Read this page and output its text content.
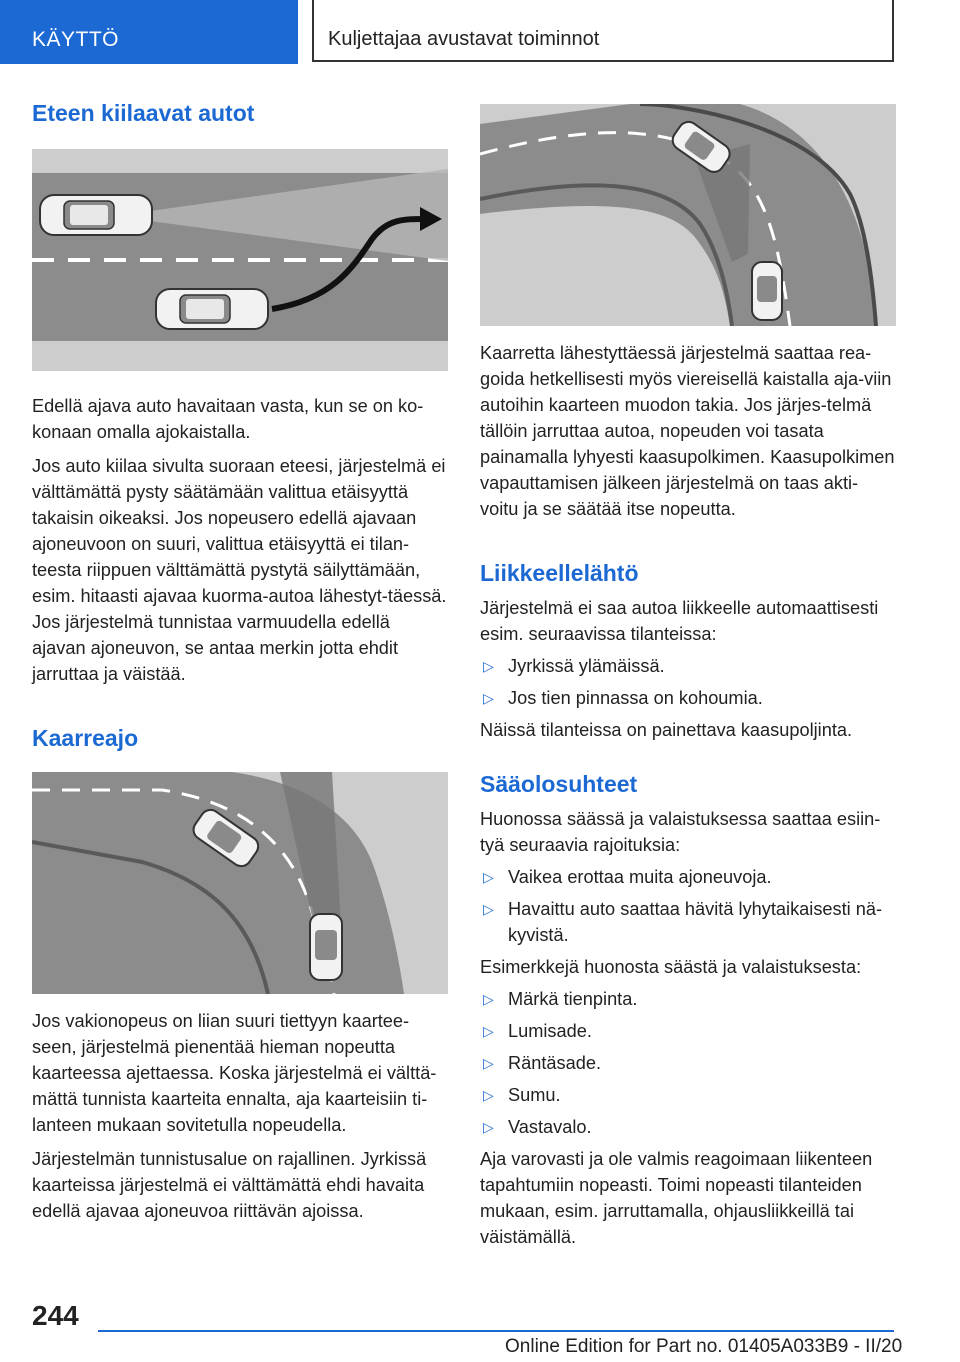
KÄYTTÖ	Kuljettajaa avustavat toiminnot
Eteen kiilaavat autot

Edellä ajava auto havaitaan vasta, kun se on ko‐konaan omalla ajokaistalla.

Jos auto kiilaa sivulta suoraan eteesi, järjestelmä ei välttämättä pysty säätämään valittua etäisyyttä takaisin oikeaksi. Jos nopeusero edellä ajavaan ajoneuvoon on suuri, valittua etäisyyttä ei tilan‐teesta riippuen välttämättä pystytä säilyttämään, esim. hitaasti ajavaa kuorma-autoa lähestyt‐täessä. Jos järjestelmä tunnistaa varmuudella edellä ajavan ajoneuvon, se antaa merkin jotta ehdit jarruttaa ja väistää.

Kaarreajo

Jos vakionopeus on liian suuri tiettyyn kaartee‐seen, järjestelmä pienentää hieman nopeutta kaarteessa ajettaessa. Koska järjestelmä ei välttä‐mättä tunnista kaarteita ennalta, aja kaarteisiin ti‐lanteen mukaan sovitetulla nopeudella.

Järjestelmän tunnistusalue on rajallinen. Jyrkissä kaarteissa järjestelmä ei välttämättä ehdi havaita edellä ajavaa ajoneuvoa riittävän ajoissa.

Kaarretta lähestyttäessä järjestelmä saattaa rea‐goida hetkellisesti myös viereisellä kaistalla aja‐viin autoihin kaarteen muodon takia. Jos järjes‐telmä tällöin jarruttaa autoa, nopeuden voi tasata painamalla lyhyesti kaasupolkimen. Kaasupolkimen vapauttamisen jälkeen järjestelmä on taas akti‐voitu ja se säätää itse nopeutta.

Liikkeellelähtö

Järjestelmä ei saa autoa liikkeelle automaattisesti esim. seuraavissa tilanteissa:

▷ Jyrkissä ylämäissä.
▷ Jos tien pinnassa on kohoumia.

Näissä tilanteissa on painettava kaasupoljinta.

Sääolosuhteet

Huonossa säässä ja valaistuksessa saattaa esiin‐tyä seuraavia rajoituksia:

▷ Vaikea erottaa muita ajoneuvoja.
▷ Havaittu auto saattaa hävitä lyhytaikaisesti nä‐kyvistä.

Esimerkkejä huonosta säästä ja valaistuksesta:

▷ Märkä tienpinta.
▷ Lumisade.
▷ Räntäsade.
▷ Sumu.
▷ Vastavalo.

Aja varovasti ja ole valmis reagoimaan liikenteen tapahtumiin nopeasti. Toimi nopeasti tilanteiden mukaan, esim. jarruttamalla, ohjausliikkeillä tai väistämällä.

244
Online Edition for Part no. 01405A033B9 - II/20
